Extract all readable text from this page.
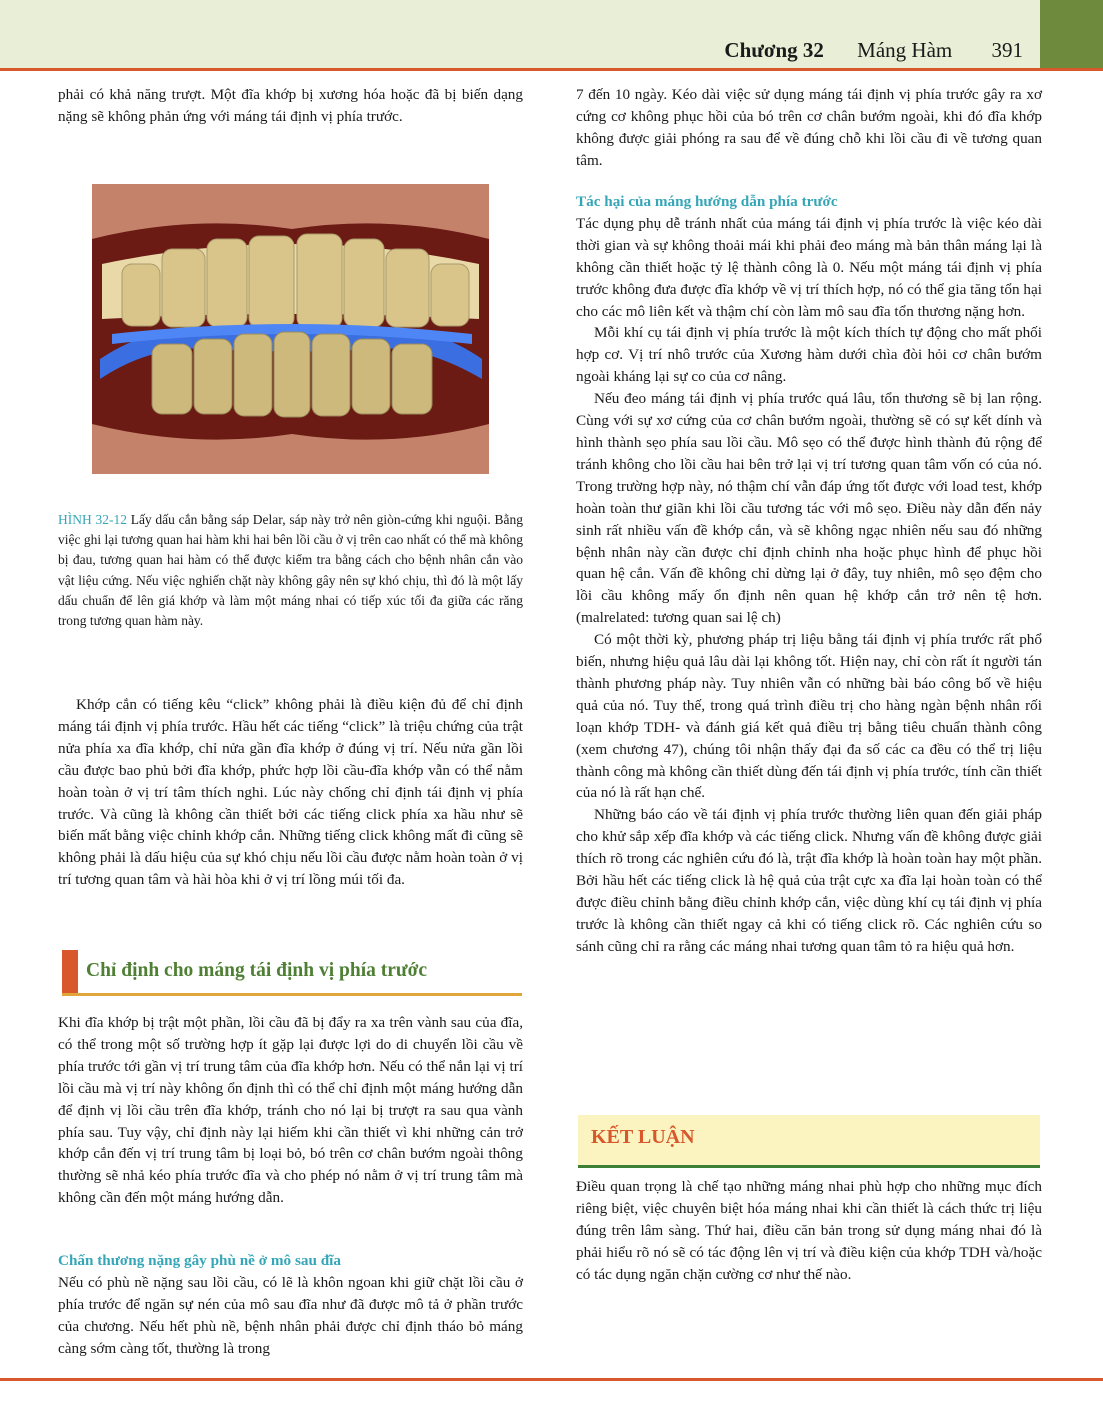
Chương 32 Máng Hàm 391

phải có khả năng trượt. Một đĩa khớp bị xương hóa hoặc đã bị biến dạng nặng sẽ không phản ứng với máng tái định vị phía trước.

HÌNH 32-12 Lấy dấu cắn bằng sáp Delar, sáp này trở nên giòn-cứng khi nguội. Bằng việc ghi lại tương quan hai hàm khi hai bên lồi cầu ở vị trên cao nhất có thể mà không bị đau, tương quan hai hàm có thể được kiểm tra bằng cách cho bệnh nhân cắn vào vật liệu cứng. Nếu việc nghiến chặt này không gây nên sự khó chịu, thì đó là một lấy dấu chuẩn để lên giá khớp và làm một máng nhai có tiếp xúc tối đa giữa các răng trong tương quan hàm này.

Khớp cắn có tiếng kêu “click” không phải là điều kiện đủ để chỉ định máng tái định vị phía trước. Hầu hết các tiếng “click” là triệu chứng của trật nửa phía xa đĩa khớp, chỉ nửa gần đĩa khớp ở đúng vị trí. Nếu nửa gần lồi cầu được bao phủ bởi đĩa khớp, phức hợp lồi cầu-đĩa khớp vẫn có thể nằm hoàn toàn ở vị trí tâm thích nghi. Lúc này chống chỉ định tái định vị phía trước. Và cũng là không cần thiết bởi các tiếng click phía xa hầu như sẽ biến mất bằng việc chỉnh khớp cắn. Những tiếng click không mất đi cũng sẽ không phải là dấu hiệu của sự khó chịu nếu lồi cầu được nằm hoàn toàn ở vị trí tương quan tâm và hài hòa khi ở vị trí lồng múi tối đa.

Chỉ định cho máng tái định vị phía trước

Khi đĩa khớp bị trật một phần, lồi cầu đã bị đẩy ra xa trên vành sau của đĩa, có thể trong một số trường hợp ít gặp lại được lợi do di chuyển lồi cầu về phía trước tới gần vị trí trung tâm của đĩa khớp hơn. Nếu có thể nắn lại vị trí lồi cầu mà vị trí này không ổn định thì có thể chỉ định một máng hướng dẫn để định vị lồi cầu trên đĩa khớp, tránh cho nó lại bị trượt ra sau qua vành phía sau. Tuy vậy, chỉ định này lại hiếm khi cần thiết vì khi những cản trở khớp cắn đến vị trí trung tâm bị loại bỏ, bó trên cơ chân bướm ngoài thông thường sẽ nhả kéo phía trước đĩa và cho phép nó nằm ở vị trí trung tâm mà không cần đến một máng hướng dẫn.

Chấn thương nặng gây phù nề ở mô sau đĩa

Nếu có phù nề nặng sau lồi cầu, có lẽ là khôn ngoan khi giữ chặt lồi cầu ở phía trước để ngăn sự nén của mô sau đĩa như đã được mô tả ở phần trước của chương. Nếu hết phù nề, bệnh nhân phải được chỉ định tháo bỏ máng càng sớm càng tốt, thường là trong

7 đến 10 ngày. Kéo dài việc sử dụng máng tái định vị phía trước gây ra xơ cứng cơ không phục hồi của bó trên cơ chân bướm ngoài, khi đó đĩa khớp không được giải phóng ra sau để về đúng chỗ khi lồi cầu đi về tương quan tâm.

Tác hại của máng hướng dẫn phía trước

Tác dụng phụ dễ tránh nhất của máng tái định vị phía trước là việc kéo dài thời gian và sự không thoải mái khi phải đeo máng mà bản thân máng lại là không cần thiết hoặc tỷ lệ thành công là 0. Nếu một máng tái định vị phía trước không đưa được đĩa khớp về vị trí thích hợp, nó có thể gia tăng tổn hại cho các mô liên kết và thậm chí còn làm mô sau đĩa tổn thương nặng hơn.

Mỗi khí cụ tái định vị phía trước là một kích thích tự động cho mất phối hợp cơ. Vị trí nhô trước của Xương hàm dưới chìa đòi hỏi cơ chân bướm ngoài kháng lại sự co của cơ nâng.

Nếu đeo máng tái định vị phía trước quá lâu, tổn thương sẽ bị lan rộng. Cùng với sự xơ cứng của cơ chân bướm ngoài, thường sẽ có sự kết dính và hình thành sẹo phía sau lồi cầu. Mô sẹo có thể được hình thành đủ rộng để tránh không cho lồi cầu hai bên trở lại vị trí tương quan tâm vốn có của nó. Trong trường hợp này, nó thậm chí vẫn đáp ứng tốt được với load test, khớp hoàn toàn thư giãn khi lồi cầu tương tác với mô sẹo. Điều này dẫn đến nảy sinh rất nhiều vấn đề khớp cắn, và sẽ không ngạc nhiên nếu sau đó những bệnh nhân này cần được chỉ định chỉnh nha hoặc phục hình để phục hồi quan hệ cắn. Vấn đề không chỉ dừng lại ở đây, tuy nhiên, mô sẹo đệm cho lồi cầu không mấy ổn định nên quan hệ khớp cắn trở nên tệ hơn. (malrelated: tương quan sai lệ ch)

Có một thời kỳ, phương pháp trị liệu bằng tái định vị phía trước rất phổ biến, nhưng hiệu quả lâu dài lại không tốt. Hiện nay, chỉ còn rất ít người tán thành phương pháp này. Tuy nhiên vẫn có những bài báo công bố về hiệu quả của nó. Tuy thế, trong quá trình điều trị cho hàng ngàn bệnh nhân rối loạn khớp TDH- và đánh giá kết quả điều trị bằng tiêu chuẩn thành công (xem chương 47), chúng tôi nhận thấy đại đa số các ca đều có thể trị liệu thành công mà không cần thiết dùng đến tái định vị phía trước, tính cần thiết của nó là rất hạn chế.

Những báo cáo về tái định vị phía trước thường liên quan đến giải pháp cho khử sắp xếp đĩa khớp và các tiếng click. Nhưng vấn đề không được giải thích rõ trong các nghiên cứu đó là, trật đĩa khớp là hoàn toàn hay một phần. Bởi hầu hết các tiếng click là hệ quả của trật cực xa đĩa lại hoàn toàn có thể được điều chỉnh bằng điều chỉnh khớp cắn, việc dùng khí cụ tái định vị phía trước là không cần thiết ngay cả khi có tiếng click rõ. Các nghiên cứu so sánh cũng chỉ ra rằng các máng nhai tương quan tâm tỏ ra hiệu quả hơn.

KẾT LUẬN

Điều quan trọng là chế tạo những máng nhai phù hợp cho những mục đích riêng biệt, việc chuyên biệt hóa máng nhai khi cần thiết là cách thức trị liệu đúng trên lâm sàng. Thứ hai, điều căn bản trong sử dụng máng nhai đó là phải hiểu rõ nó sẽ có tác động lên vị trí và điều kiện của khớp TDH và/hoặc có tác dụng ngăn chặn cường cơ như thế nào.
